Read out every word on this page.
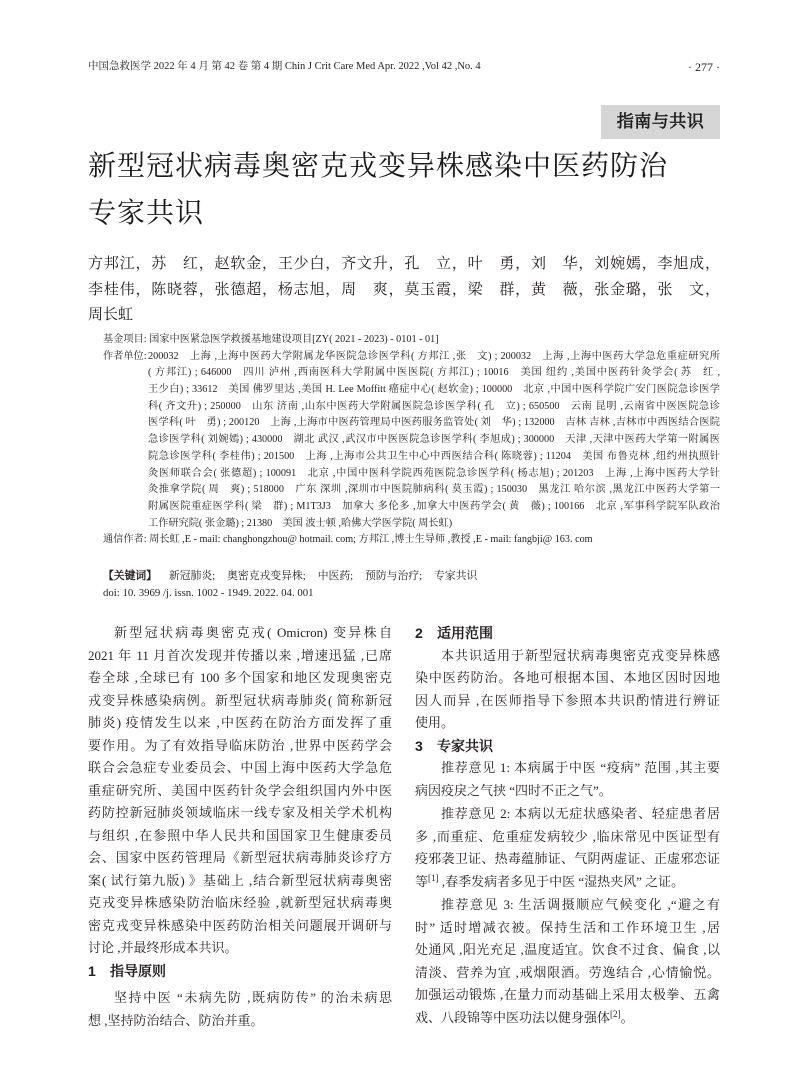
中国急救医学 2022 年 4 月 第 42 卷 第 4 期 Chin J Crit Care Med Apr. 2022 ,Vol 42 ,No. 4	· 277 ·
指南与共识
新型冠状病毒奥密克戎变异株感染中医药防治
专家共识
方邦江，苏　红，赵软金，王少白，齐文升，孔　立，叶　勇，刘　华，刘婉嫣，李旭成，
李桂伟，陈晓蓉，张德超，杨志旭，周　爽，莫玉霞，梁　群，黄　薇，张金璐，张　文，
周长虹
基金项目: 国家中医紧急医学救援基地建设项目[ZY( 2021 - 2023) - 0101 - 01]
作者单位: 200032　上海 ,上海中医药大学附属龙华医院急诊医学科( 方邦江 ,张　文) ; 200032　上海 ,上海中医药大学急危重症研究所
( 方邦江) ; 646000　四川 泸州 ,西南医科大学附属中医医院( 方邦江) ; 10016　美国 纽约 ,美国中医药针灸学会( 苏　红 ,
王少白) ; 33612　美国 佛罗里达 ,美国 H. Lee Moffitt 癌症中心( 赵软金) ; 100000　北京 ,中国中医科学院广安门医院急诊医学
科( 齐文升) ; 250000　山东 济南 ,山东中医药大学附属医院急诊医学科( 孔　立) ; 650500　云南 昆明 ,云南省中医医院急诊
医学科( 叶　勇) ; 200120　上海 ,上海市中医药管理局中医药服务监管处( 刘　华) ; 132000　吉林 吉林 ,吉林市中西医结合医院
急诊医学科( 刘婉嫣) ; 430000　湖北 武汉 ,武汉市中医医院急诊医学科( 李旭成) ; 300000　天津 ,天津中医药大学第一附属医
院急诊医学科( 李桂伟) ; 201500　上海 ,上海市公共卫生中心中西医结合科( 陈晓蓉) ; 11204　美国 布鲁克林 ,纽约州执照针
灸医师联合会( 张德超) ; 100091　北京 ,中国中医科学院西苑医院急诊医学科( 杨志旭) ; 201203　上海 ,上海中医药大学针
灸推拿学院( 周　爽) ; 518000　广东 深圳 ,深圳市中医院肺病科( 莫玉霞) ; 150030　黑龙江 哈尔滨 ,黑龙江中医药大学第一
附属医院重症医学科( 梁　群) ; M1T3J3　加拿大 多伦多 ,加拿大中医药学会( 黄　薇) ; 100166　北京 ,军事科学院军队政治
工作研究院( 张金璐) ; 21380　美国 波士顿 ,哈佛大学医学院( 周长虹)
通信作者: 周长虹 ,E - mail: changhongzhou@ hotmail. com; 方邦江 ,博士生导师 ,教授 ,E - mail: fangbji@ 163. com
【关键词】 新冠肺炎; 奥密克戎变异株; 中医药; 预防与治疗; 专家共识
doi: 10. 3969 /j. issn. 1002 - 1949. 2022. 04. 001
新型冠状病毒奥密克戎( Omicron) 变异株自
2021 年 11 月首次发现并传播以来 ,增速迅猛 ,已席
卷全球 ,全球已有 100 多个国家和地区发现奥密克
戎变异株感染病例。新型冠状病毒肺炎( 简称新冠
肺炎) 疫情发生以来 ,中医药在防治方面发挥了重
要作用。为了有效指导临床防治 ,世界中医药学会
联合会急症专业委员会、中国上海中医药大学急危
重症研究所、美国中医药针灸学会组织国内外中医
药防控新冠肺炎领域临床一线专家及相关学术机构
与组织 ,在参照中华人民共和国国家卫生健康委员
会、国家中医药管理局《新型冠状病毒肺炎诊疗方
案( 试行第九版) 》基础上 ,结合新型冠状病毒奥密
克戎变异株感染防治临床经验 ,就新型冠状病毒奥
密克戎变异株感染中医药防治相关问题展开调研与
讨论 ,并最终形成本共识。
1 指导原则
坚持中医 “未病先防 ,既病防传” 的治未病思
想 ,坚持防治结合、防治并重。
2 适用范围
本共识适用于新型冠状病毒奥密克戎变异株感
染中医药防治。各地可根据本国、本地区因时因地
因人而异 ,在医师指导下参照本共识酌情进行辨证
使用。
3 专家共识
推荐意见 1: 本病属于中医 “疫病” 范围 ,其主要
病因疫戾之气挟 “四时不正之气”。
推荐意见 2: 本病以无症状感染者、轻症患者居
多 ,而重症、危重症发病较少 ,临床常见中医证型有
疫邪袭卫证、热毒蕴肺证、气阴两虚证、正虚邪恋证
等[1] ,春季发病者多见于中医 “湿热夹风” 之证。
推荐意见 3: 生活调摄顺应气候变化 ,“避之有
时” 适时增减衣被。保持生活和工作环境卫生 ,居
处通风 ,阳光充足 ,温度适宜。饮食不过食、偏食 ,以
清淡、营养为宜 ,戒烟限酒。劳逸结合 ,心情愉悦。
加强运动锻炼 ,在量力而动基础上采用太极拳、五禽
戏、八段锦等中医功法以健身强体[2]。
